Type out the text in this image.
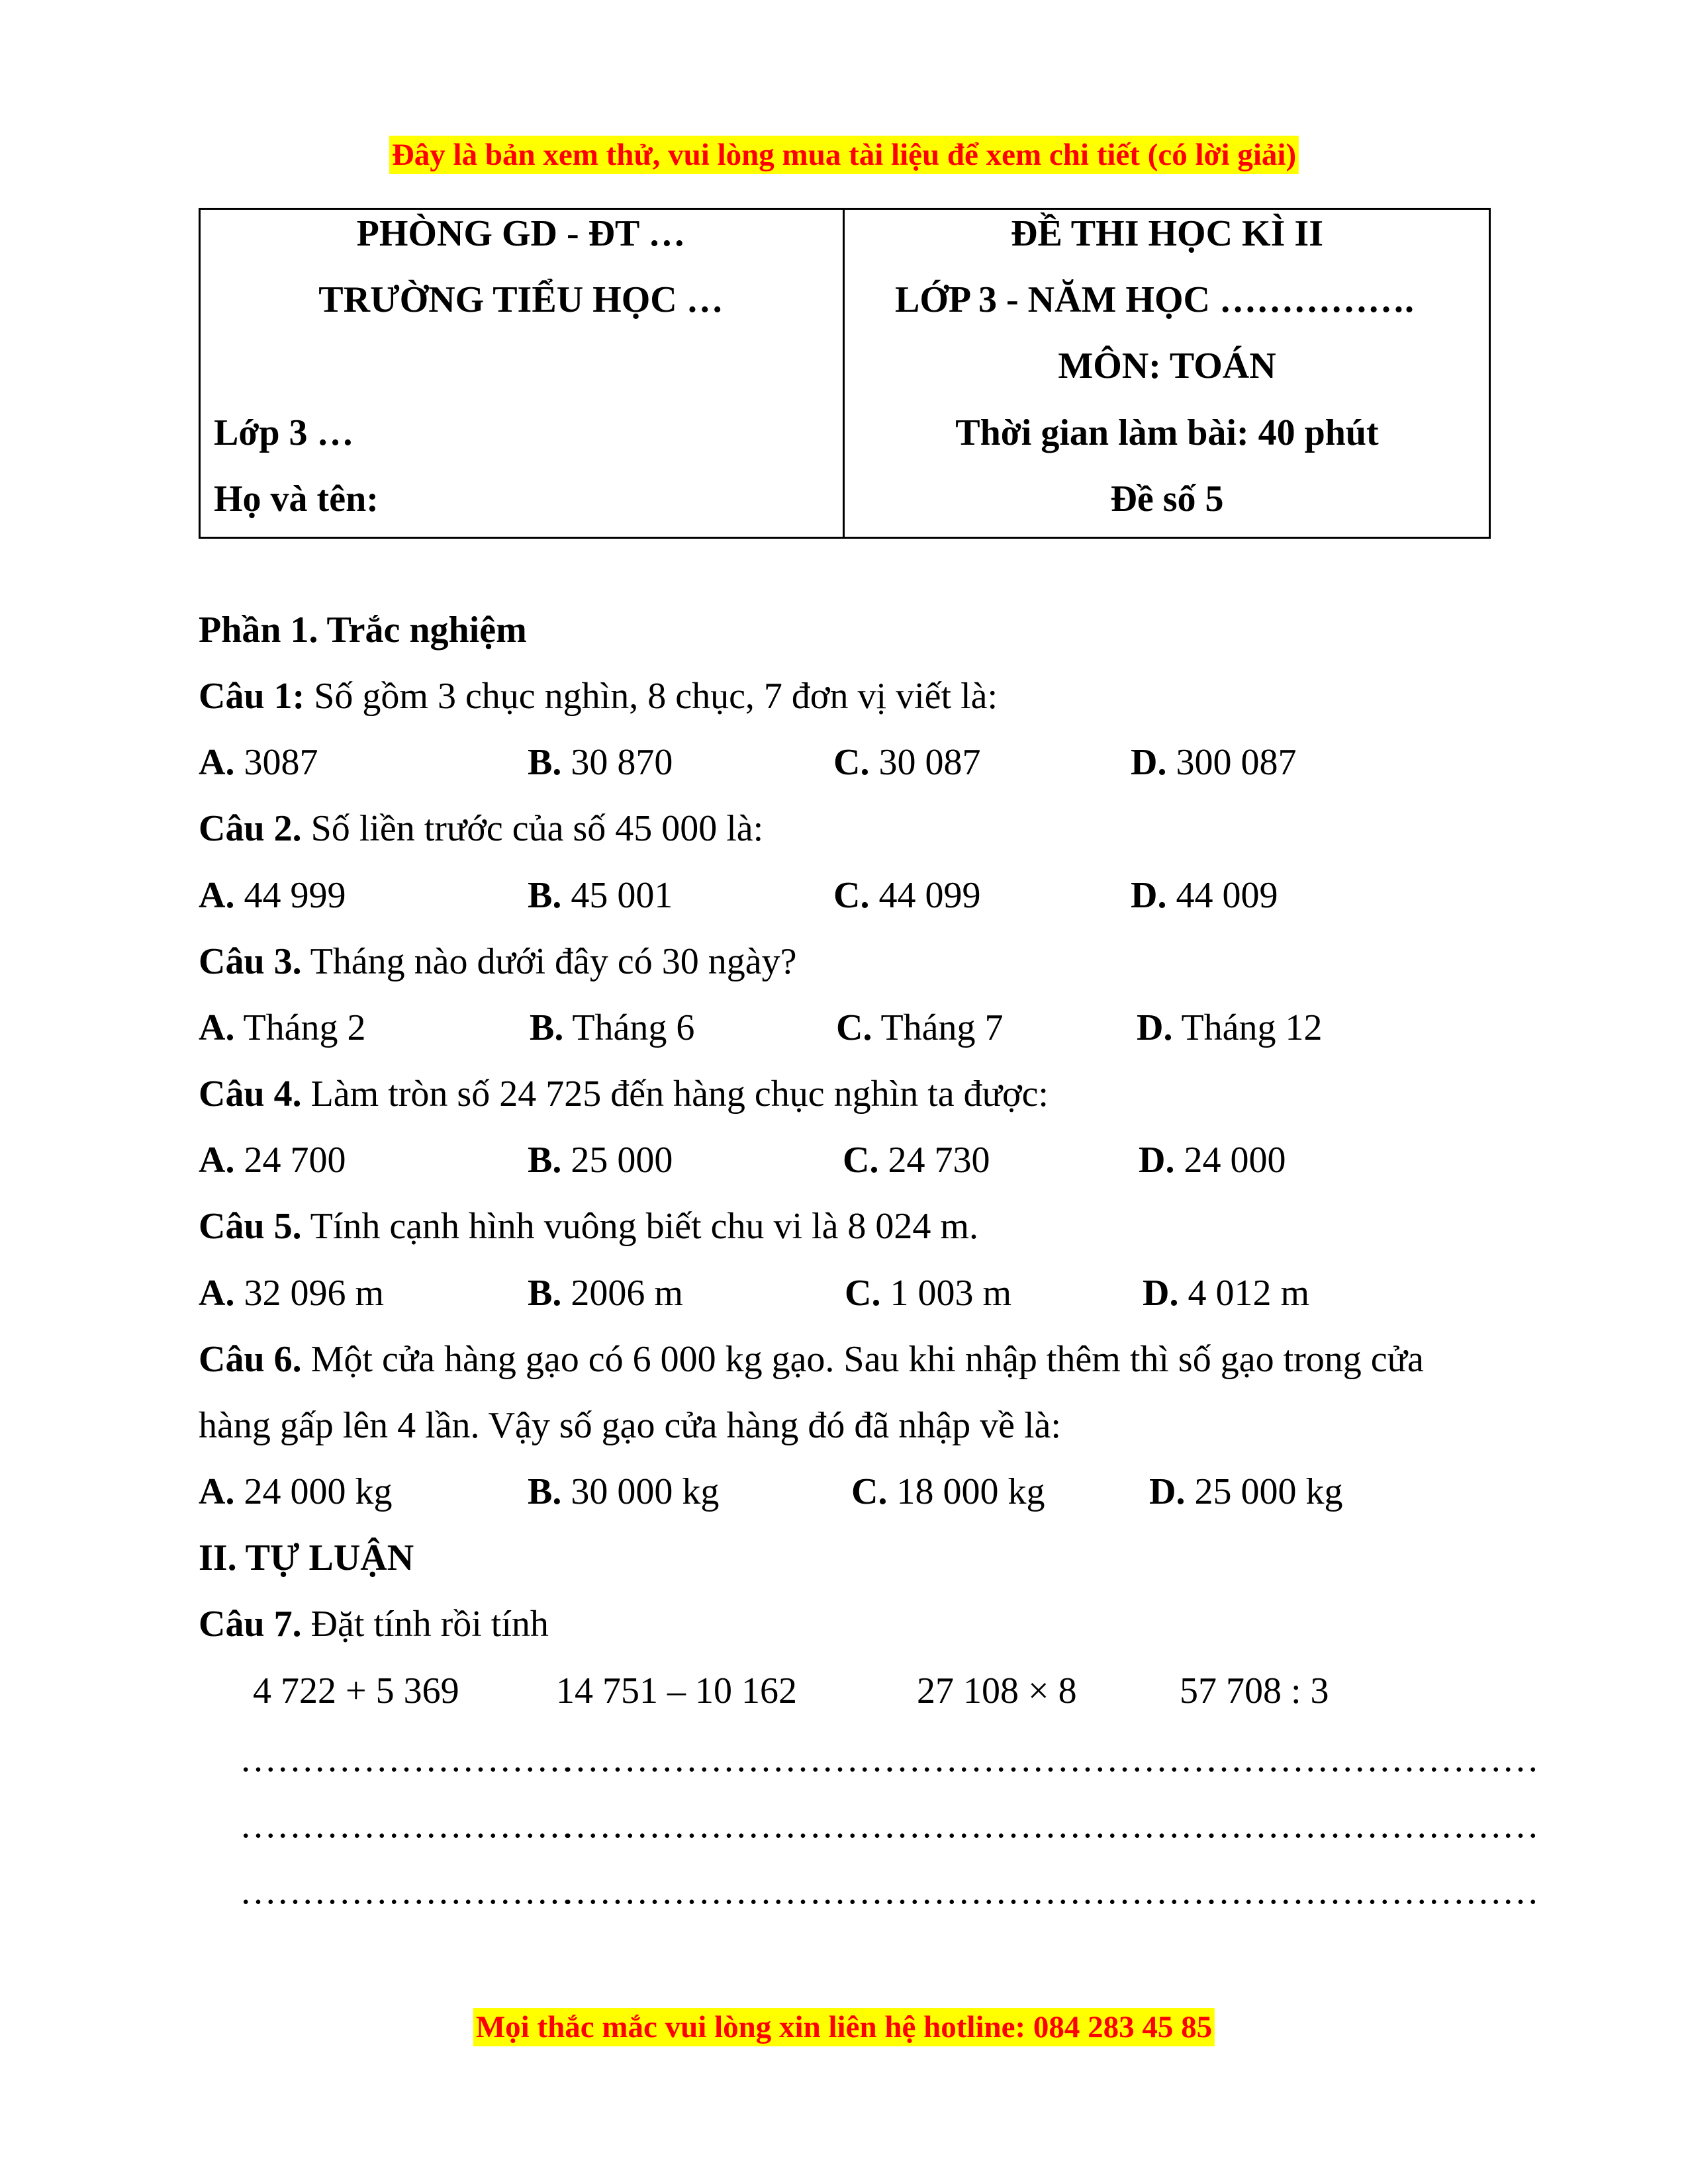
Đây là bản xem thử, vui lòng mua tài liệu để xem chi tiết (có lời giải)
PHÒNG GD - ĐT …
TRƯỜNG TIỂU HỌC …
Lớp 3 …
Họ và tên:
ĐỀ THI HỌC KÌ II
LỚP 3 - NĂM HỌC …………….
MÔN: TOÁN
Thời gian làm bài: 40 phút
Đề số 5
Phần 1. Trắc nghiệm
Câu 1: Số gồm 3 chục nghìn, 8 chục, 7 đơn vị viết là:
A. 3087	B. 30 870	C. 30 087	D. 300 087
Câu 2. Số liền trước của số 45 000 là:
A. 44 999	B. 45 001	C. 44 099	D. 44 009
Câu 3. Tháng nào dưới đây có 30 ngày?
A. Tháng 2	B. Tháng 6	C. Tháng 7	D. Tháng 12
Câu 4. Làm tròn số 24 725 đến hàng chục nghìn ta được:
A. 24 700	B. 25 000	C. 24 730	D. 24 000
Câu 5. Tính cạnh hình vuông biết chu vi là 8 024 m.
A. 32 096 m	B. 2006 m	C. 1 003 m	D. 4 012 m
Câu 6. Một cửa hàng gạo có 6 000 kg gạo. Sau khi nhập thêm thì số gạo trong cửa
hàng gấp lên 4 lần. Vậy số gạo cửa hàng đó đã nhập về là:
A. 24 000 kg	B. 30 000 kg	C. 18 000 kg	D. 25 000 kg
II. TỰ LUẬN
Câu 7. Đặt tính rồi tính
4 722 + 5 369	14 751 – 10 162	27 108 × 8	57 708 : 3
………………………
………………………
………………………
………………………
………………………
………………………
………………………
………………………
………………………
………………………
………………………
………………………
Mọi thắc mắc vui lòng xin liên hệ hotline: 084 283 45 85
